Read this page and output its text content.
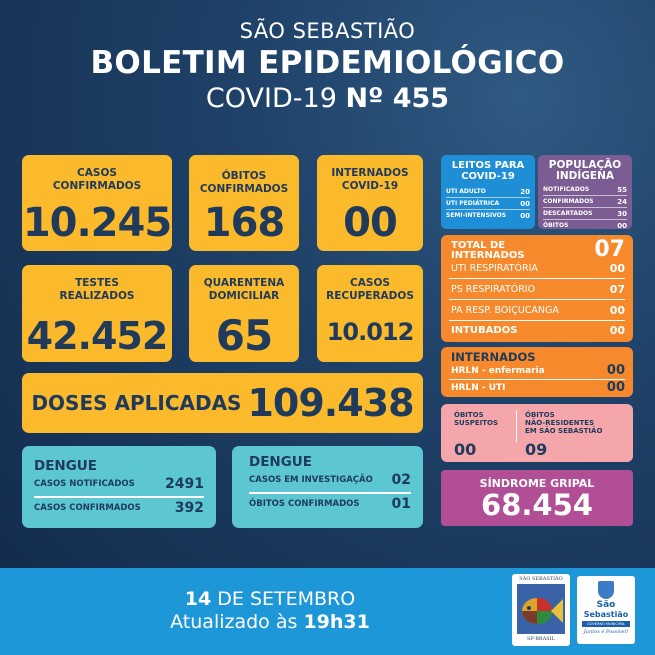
SÃO SEBASTIÃO
BOLETIM EPIDEMIOLÓGICO
COVID-19 Nº 455
CASOS
CONFIRMADOS
10.245
ÓBITOS
CONFIRMADOS
168
INTERNADOS
COVID-19
00
TESTES
REALIZADOS
42.452
QUARENTENA
DOMICILIAR
65
CASOS
RECUPERADOS
10.012
DOSES APLICADAS 109.438
DENGUE
CASOS NOTIFICADOS 2491
CASOS CONFIRMADOS 392
DENGUE
CASOS EM INVESTIGAÇÃO 02
ÓBITOS CONFIRMADOS 01
LEITOS PARA
COVID-19
UTI ADULTO	20
UTI PEDIÁTRICA	00
SEMI-INTENSIVOS 00
POPULAÇÃO
INDÍGENA
NOTIFICADOS	55
CONFIRMADOS	24
DESCARTADOS	30
ÓBITOS	00
TOTAL DE
INTERNADOS	07
UTI RESPIRATÓRIA	00
PS RESPIRATÓRIO	07
PA RESP. BOIÇUCANGA	00
INTUBADOS	00
INTERNADOS
HRLN - enfermaria	00
HRLN - UTI	00
ÓBITOS
SUSPEITOS
00
ÓBITOS
NÃO-RESIDENTES
EM SÃO SEBASTIÃO
09
SÍNDROME GRIPAL
68.454
14 DE SETEMBRO
Atualizado às 19h31
SÃO SEBASTIÃO
SP-BRASIL
São
Sebastião
GOVERNO MUNICIPAL
Juntos é Possível!
